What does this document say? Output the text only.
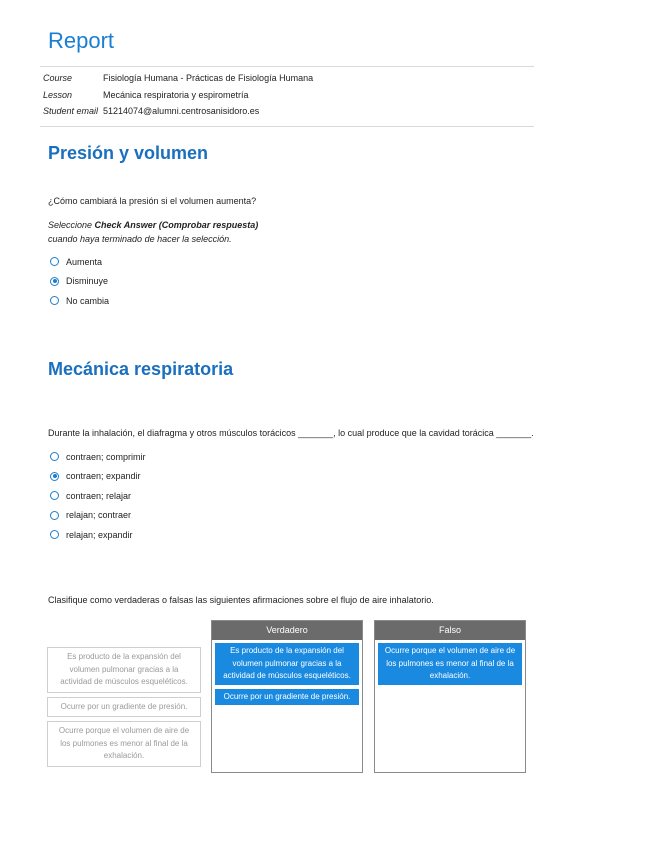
Report
Course	Fisiología Humana - Prácticas de Fisiología Humana
Lesson	Mecánica respiratoria y espirometría
Student email 51214074@alumni.centrosanisidoro.es
Presión y volumen
¿Cómo cambiará la presión si el volumen aumenta?
Seleccione Check Answer (Comprobar respuesta) cuando haya terminado de hacer la selección.
Aumenta
Disminuye
No cambia
Mecánica respiratoria
Durante la inhalación, el diafragma y otros músculos torácicos _______, lo cual produce que la cavidad torácica _______.
contraen; comprimir
contraen; expandir
contraen; relajar
relajan; contraer
relajan; expandir
Clasifique como verdaderas o falsas las siguientes afirmaciones sobre el flujo de aire inhalatorio.
Es producto de la expansión del volumen pulmonar gracias a la actividad de músculos esqueléticos.
Ocurre por un gradiente de presión.
Ocurre porque el volumen de aire de los pulmones es menor al final de la exhalación.
Verdadero
Es producto de la expansión del volumen pulmonar gracias a la actividad de músculos esqueléticos.
Ocurre por un gradiente de presión.
Falso
Ocurre porque el volumen de aire de los pulmones es menor al final de la exhalación.
